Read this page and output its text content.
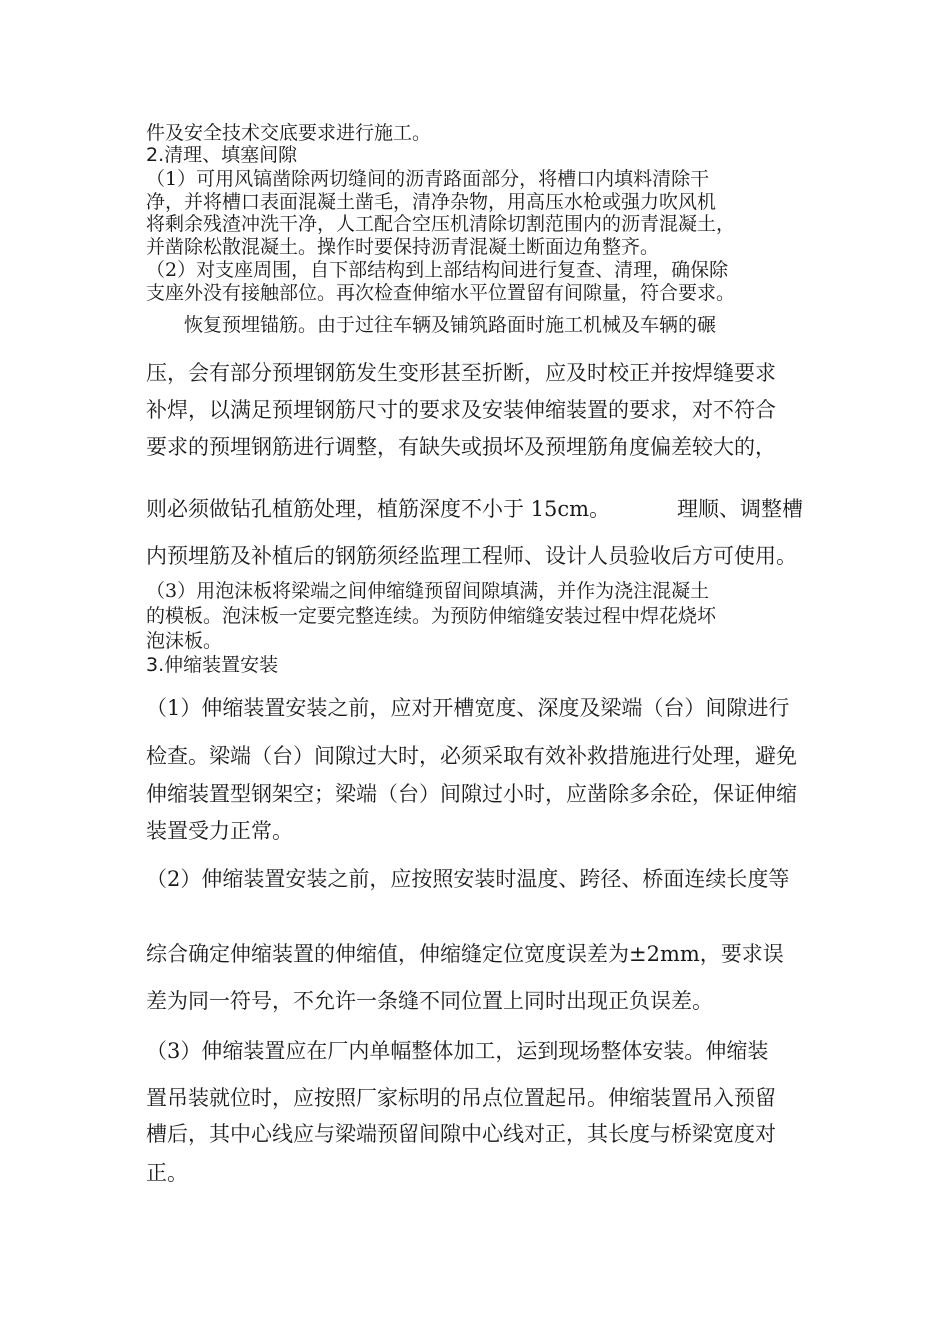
件及安全技术交底要求进行施工。

2.清理、填塞间隙

（1）可用风镐凿除两切缝间的沥青路面部分，将槽口内填料清除干

净，并将槽口表面混凝土凿毛，清净杂物，用高压水枪或强力吹风机

将剩余残渣冲洗干净，人工配合空压机清除切割范围内的沥青混凝土，

并凿除松散混凝土。操作时要保持沥青混凝土断面边角整齐。

（2）对支座周围，自下部结构到上部结构间进行复查、清理，确保除

支座外没有接触部位。再次检查伸缩水平位置留有间隙量，符合要求。

恢复预埋锚筋。由于过往车辆及铺筑路面时施工机械及车辆的碾

压，会有部分预埋钢筋发生变形甚至折断，应及时校正并按焊缝要求

补焊，以满足预埋钢筋尺寸的要求及安装伸缩装置的要求，对不符合

要求的预埋钢筋进行调整，有缺失或损坏及预埋筋角度偏差较大的，

则必须做钻孔植筋处理，植筋深度不小于 15cm。	理顺、调整槽

内预埋筋及补植后的钢筋须经监理工程师、设计人员验收后方可使用。

（3）用泡沫板将梁端之间伸缩缝预留间隙填满，并作为浇注混凝土

的模板。泡沫板一定要完整连续。为预防伸缩缝安装过程中焊花烧坏

泡沫板。

3.伸缩装置安装

（1）伸缩装置安装之前，应对开槽宽度、深度及梁端（台）间隙进行

检查。梁端（台）间隙过大时，必须采取有效补救措施进行处理，避免

伸缩装置型钢架空；梁端（台）间隙过小时，应凿除多余砼，保证伸缩

装置受力正常。

（2）伸缩装置安装之前，应按照安装时温度、跨径、桥面连续长度等

综合确定伸缩装置的伸缩值，伸缩缝定位宽度误差为±2mm，要求误

差为同一符号，不允许一条缝不同位置上同时出现正负误差。

（3）伸缩装置应在厂内单幅整体加工，运到现场整体安装。伸缩装

置吊装就位时，应按照厂家标明的吊点位置起吊。伸缩装置吊入预留

槽后，其中心线应与梁端预留间隙中心线对正，其长度与桥梁宽度对

正。
